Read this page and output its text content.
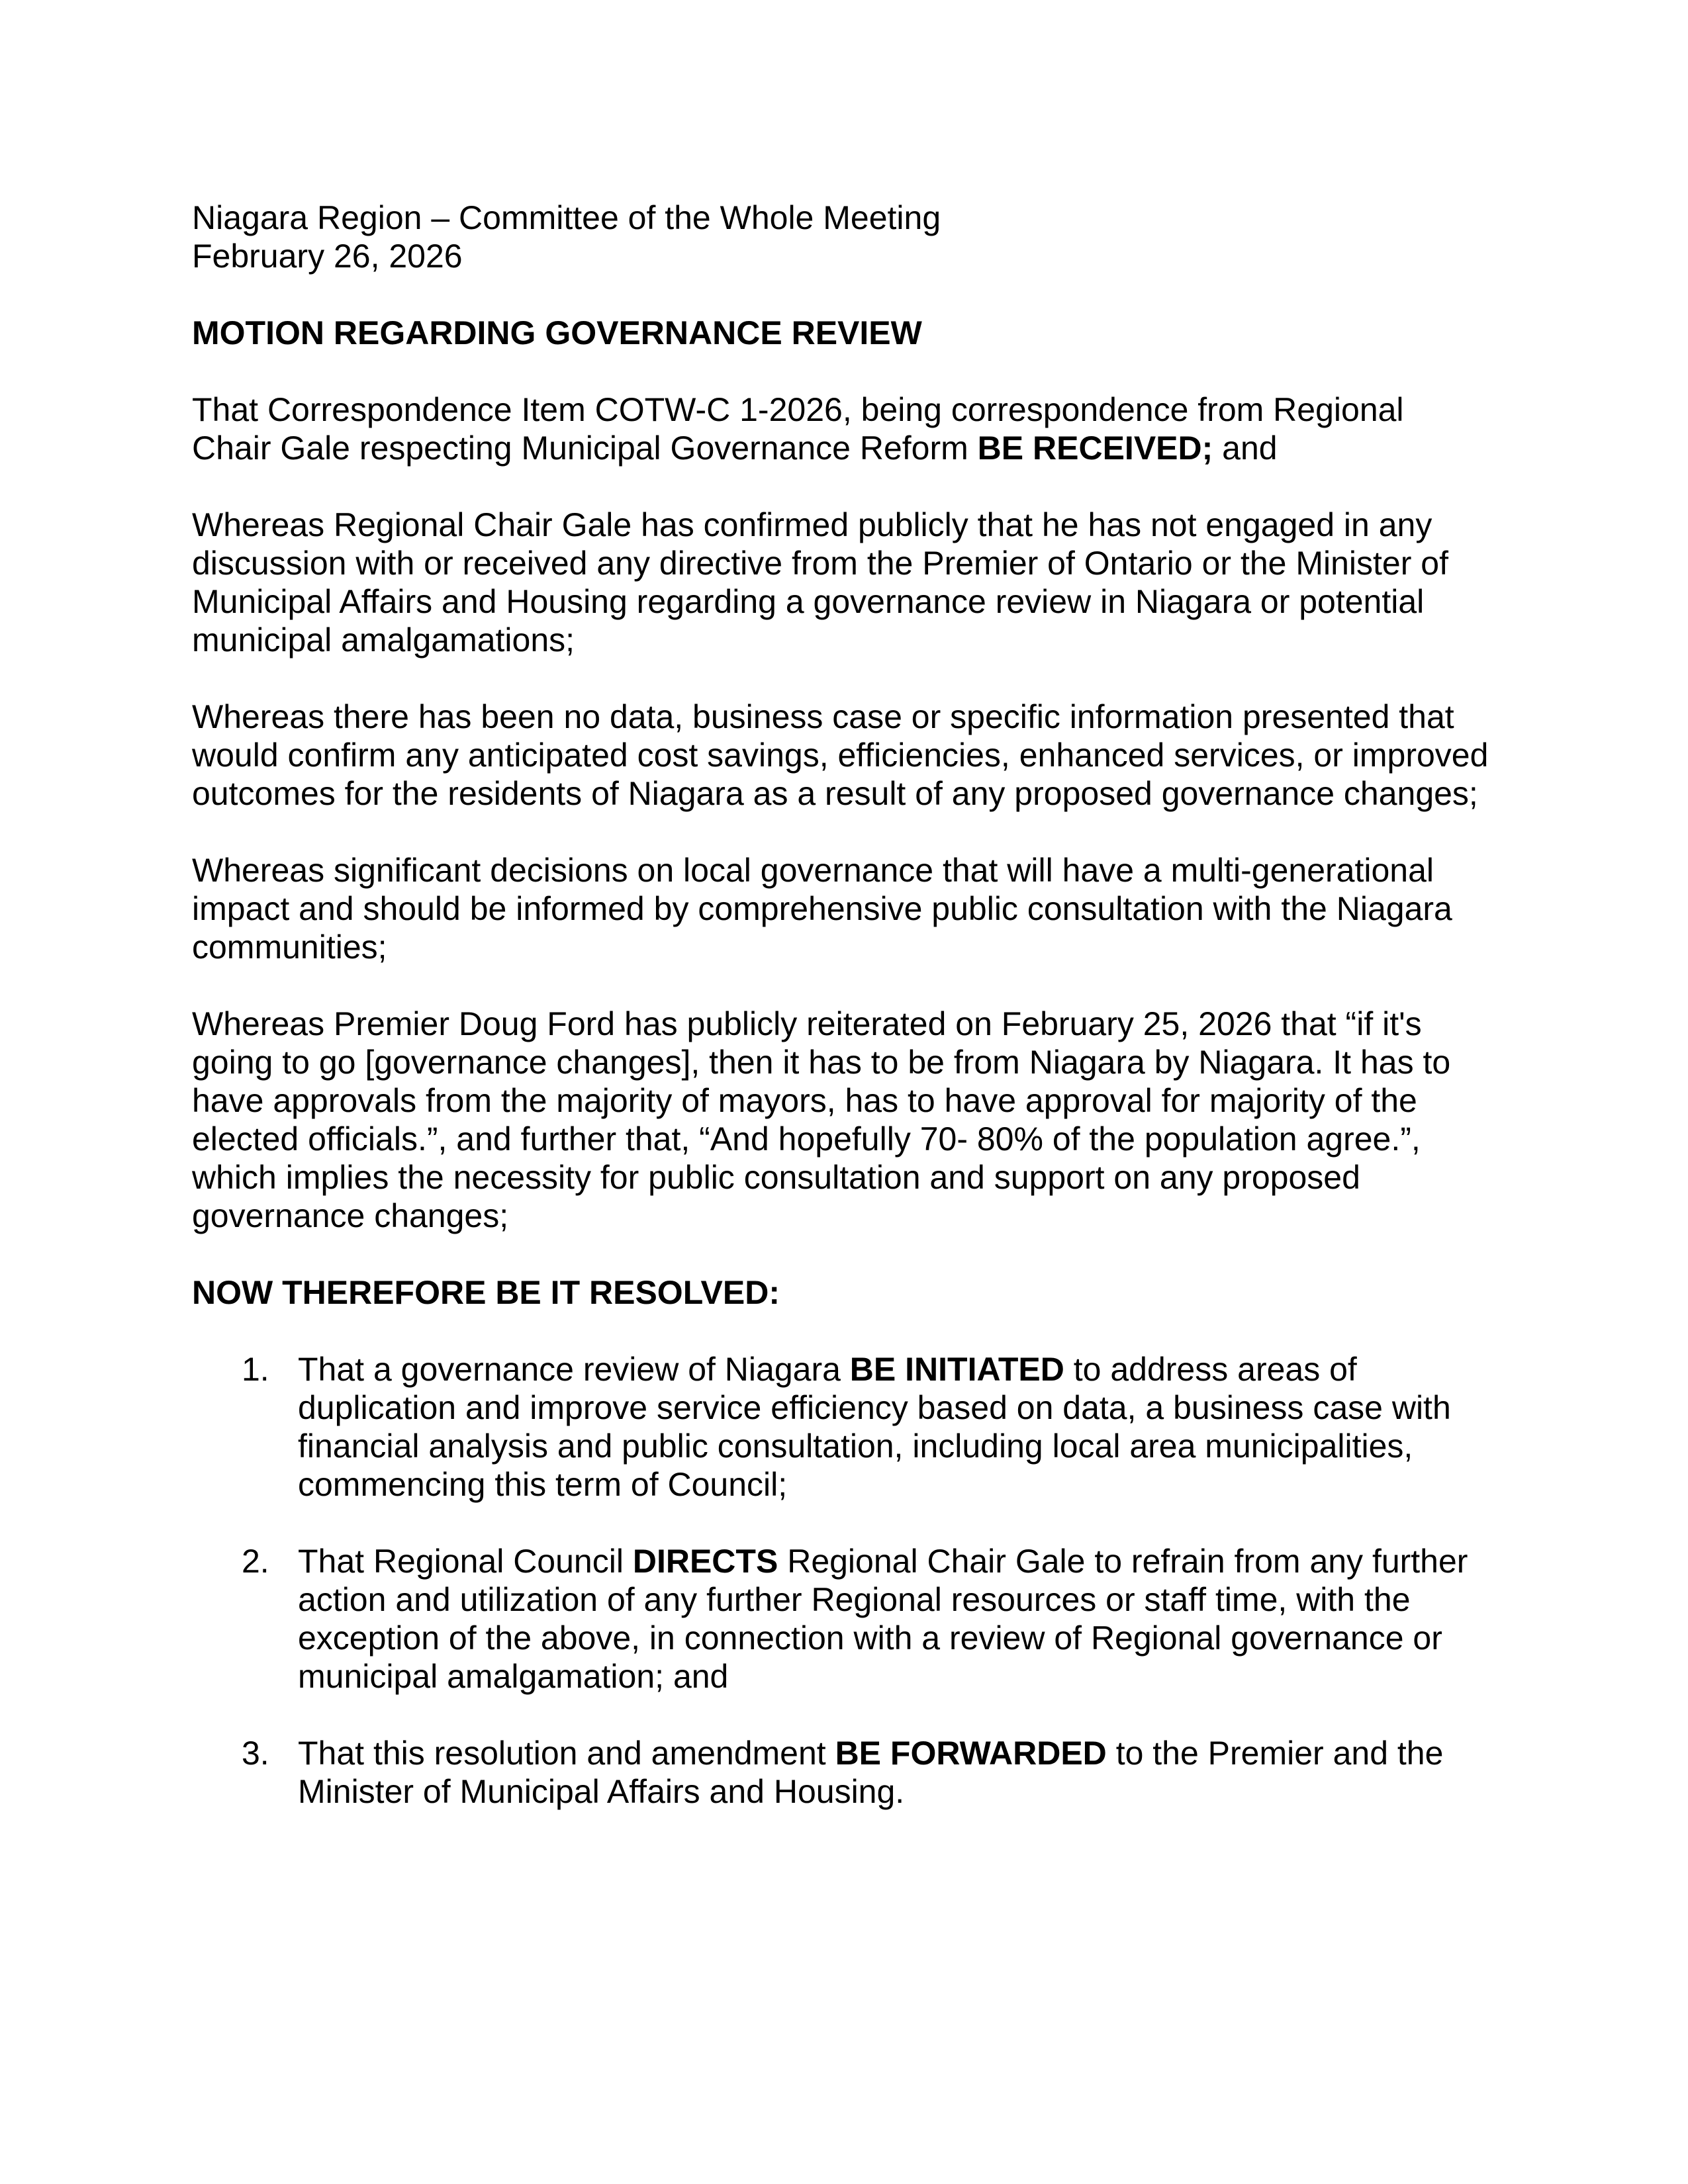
Niagara Region – Committee of the Whole Meeting
February 26, 2026
MOTION REGARDING GOVERNANCE REVIEW
That Correspondence Item COTW-C 1-2026, being correspondence from Regional Chair Gale respecting Municipal Governance Reform BE RECEIVED; and
Whereas Regional Chair Gale has confirmed publicly that he has not engaged in any discussion with or received any directive from the Premier of Ontario or the Minister of Municipal Affairs and Housing regarding a governance review in Niagara or potential municipal amalgamations;
Whereas there has been no data, business case or specific information presented that would confirm any anticipated cost savings, efficiencies, enhanced services, or improved outcomes for the residents of Niagara as a result of any proposed governance changes;
Whereas significant decisions on local governance that will have a multi-generational impact and should be informed by comprehensive public consultation with the Niagara communities;
Whereas Premier Doug Ford has publicly reiterated on February 25, 2026 that “if it's going to go [governance changes], then it has to be from Niagara by Niagara. It has to have approvals from the majority of mayors, has to have approval for majority of the elected officials.”, and further that, “And hopefully 70- 80% of the population agree.”, which implies the necessity for public consultation and support on any proposed governance changes;
NOW THEREFORE BE IT RESOLVED:
1. That a governance review of Niagara BE INITIATED to address areas of duplication and improve service efficiency based on data, a business case with financial analysis and public consultation, including local area municipalities, commencing this term of Council;
2. That Regional Council DIRECTS Regional Chair Gale to refrain from any further action and utilization of any further Regional resources or staff time, with the exception of the above, in connection with a review of Regional governance or municipal amalgamation; and
3. That this resolution and amendment BE FORWARDED to the Premier and the Minister of Municipal Affairs and Housing.
